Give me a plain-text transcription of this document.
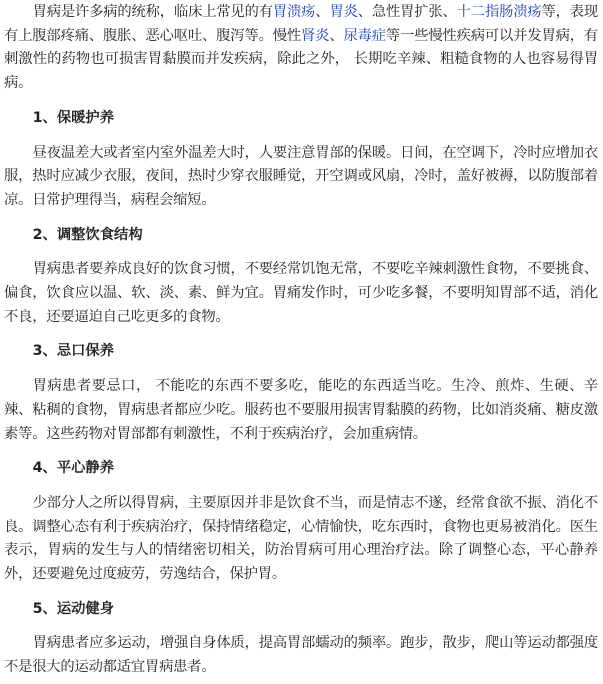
胃病是许多病的统称，临床上常见的有胃溃疡、胃炎、急性胃扩张、十二指肠溃疡等，表现有上腹部疼痛、腹胀、恶心呕吐、腹泻等。慢性肾炎、尿毒症等一些慢性疾病可以并发胃病，有刺激性的药物也可损害胃黏膜而并发疾病，除此之外， 长期吃辛辣、粗糙食物的人也容易得胃病。

1、保暖护养

昼夜温差大或者室内室外温差大时，人要注意胃部的保暖。日间，在空调下，冷时应增加衣服，热时应减少衣服，夜间，热时少穿衣服睡觉，开空调或风扇，冷时，盖好被褥，以防腹部着凉。日常护理得当，病程会缩短。

2、调整饮食结构

胃病患者要养成良好的饮食习惯，不要经常饥饱无常，不要吃辛辣刺激性食物，不要挑食、偏食，饮食应以温、软、淡、素、鲜为宜。胃痛发作时，可少吃多餐，不要明知胃部不适，消化不良，还要逼迫自己吃更多的食物。

3、忌口保养

胃病患者要忌口， 不能吃的东西不要多吃，能吃的东西适当吃。生冷、煎炸、生硬、辛辣、粘稠的食物，胃病患者都应少吃。服药也不要服用损害胃黏膜的药物，比如消炎痛、糖皮激素等。这些药物对胃部都有刺激性，不利于疾病治疗，会加重病情。

4、平心静养

少部分人之所以得胃病，主要原因并非是饮食不当，而是情志不遂，经常食欲不振、消化不良。调整心态有利于疾病治疗，保持情绪稳定，心情愉快，吃东西时，食物也更易被消化。医生表示，胃病的发生与人的情绪密切相关，防治胃病可用心理治疗法。除了调整心态，平心静养外，还要避免过度疲劳，劳逸结合，保护胃。

5、运动健身

胃病患者应多运动，增强自身体质，提高胃部蠕动的频率。跑步，散步，爬山等运动都强度不是很大的运动都适宜胃病患者。
